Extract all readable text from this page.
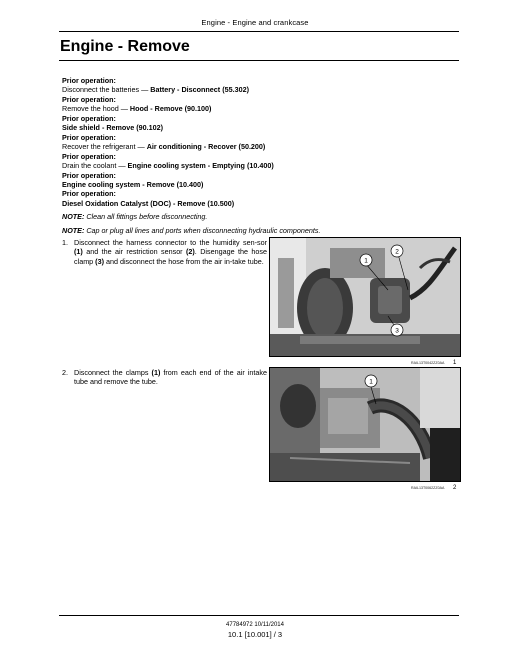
Engine - Engine and crankcase
Engine - Remove
Prior operation:
Disconnect the batteries — Battery - Disconnect (55.302)
Prior operation:
Remove the hood — Hood - Remove (90.100)
Prior operation:
Side shield - Remove (90.102)
Prior operation:
Recover the refrigerant — Air conditioning - Recover (50.200)
Prior operation:
Drain the coolant — Engine cooling system - Emptying (10.400)
Prior operation:
Engine cooling system - Remove (10.400)
Prior operation:
Diesel Oxidation Catalyst (DOC) - Remove (10.500)
NOTE: Clean all fittings before disconnecting.
NOTE: Cap or plug all lines and ports when disconnecting hydraulic components.
1. Disconnect the harness connector to the humidity sen-sor (1) and the air restriction sensor (2). Disengage the hose clamp (3) and disconnect the hose from the air in-take tube.
2. Disconnect the clamps (1) from each end of the air intake tube and remove the tube.
1
2
3
RAIL13T0042ZZ0AA 1
1
RAIL13T0062ZZ0AA 2
47784972 10/11/2014
10.1 [10.001] / 3
